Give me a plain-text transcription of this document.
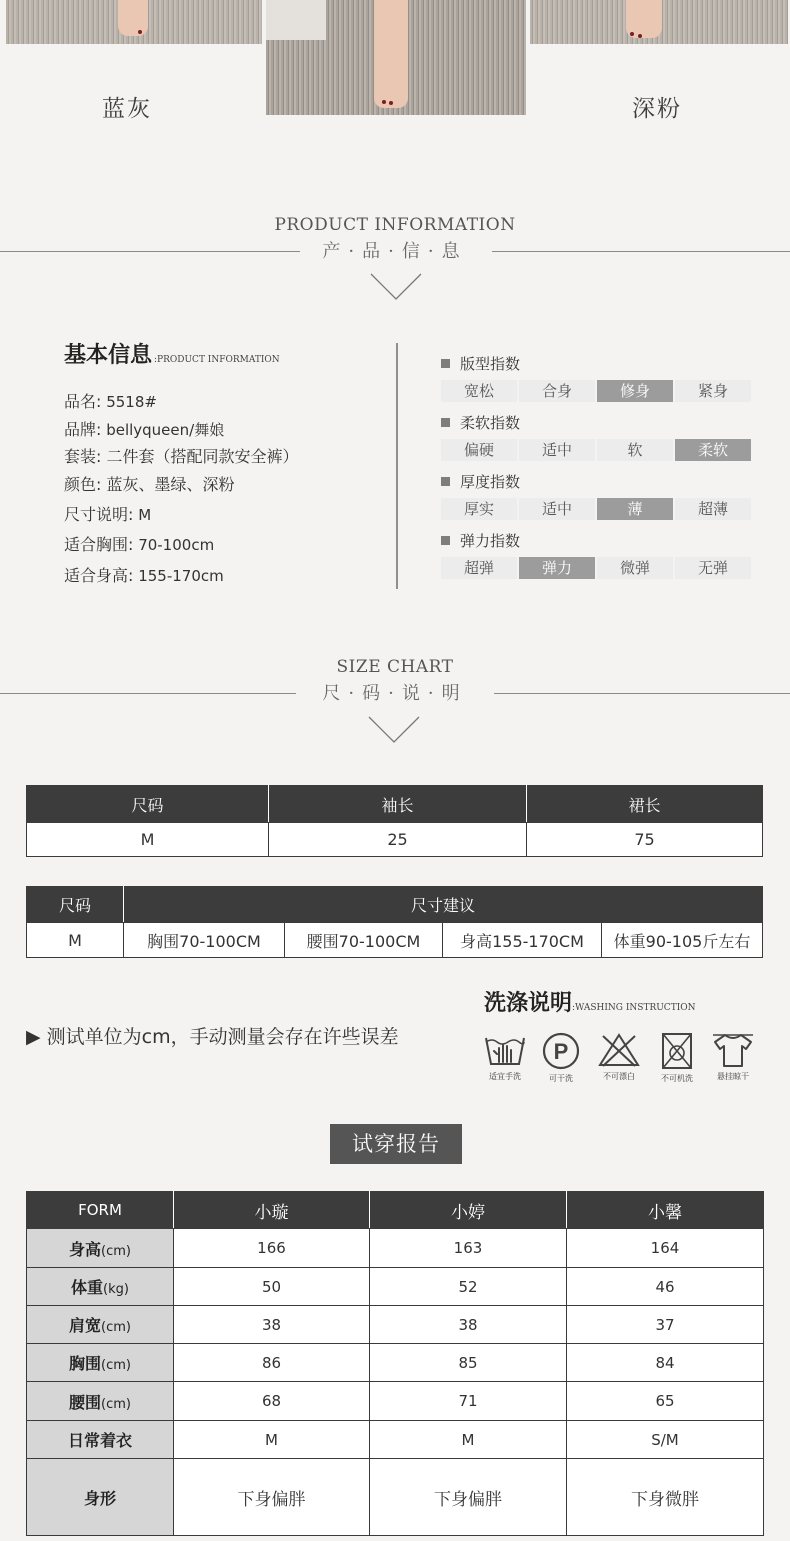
蓝灰	深粉
PRODUCT INFORMATION
产·品·信·息
基本信息 :PRODUCT INFORMATION
品名: 5518#
品牌: bellyqueen/舞娘
套装: 二件套（搭配同款安全裤）
颜色: 蓝灰、墨绿、深粉
尺寸说明: M
适合胸围: 70-100cm
适合身高: 155-170cm
版型指数
宽松	合身	修身	紧身
柔软指数
偏硬	适中	软	柔软
厚度指数
厚实	适中	薄	超薄
弹力指数
超弹	弹力	微弹	无弹
SIZE CHART
尺·码·说·明
尺码	袖长	裙长
M	25	75
尺码	尺寸建议			
M	胸围70-100CM	腰围70-100CM	身高155-170CM	体重90-105斤左右
▶ 测试单位为cm，手动测量会存在许些误差
洗涤说明:WASHING INSTRUCTION
适宜手洗
P
可干洗	不可漂白	不可机洗	悬挂晾干
试穿报告
FORM	小璇	小婷	小馨
身高(cm)	166	163	164
体重(kg)	50	52	46
肩宽(cm)	38	38	37
胸围(cm)	86	85	84
腰围(cm)	68	71	65
日常着衣	M	M	S/M
身形	下身偏胖	下身偏胖	下身微胖
